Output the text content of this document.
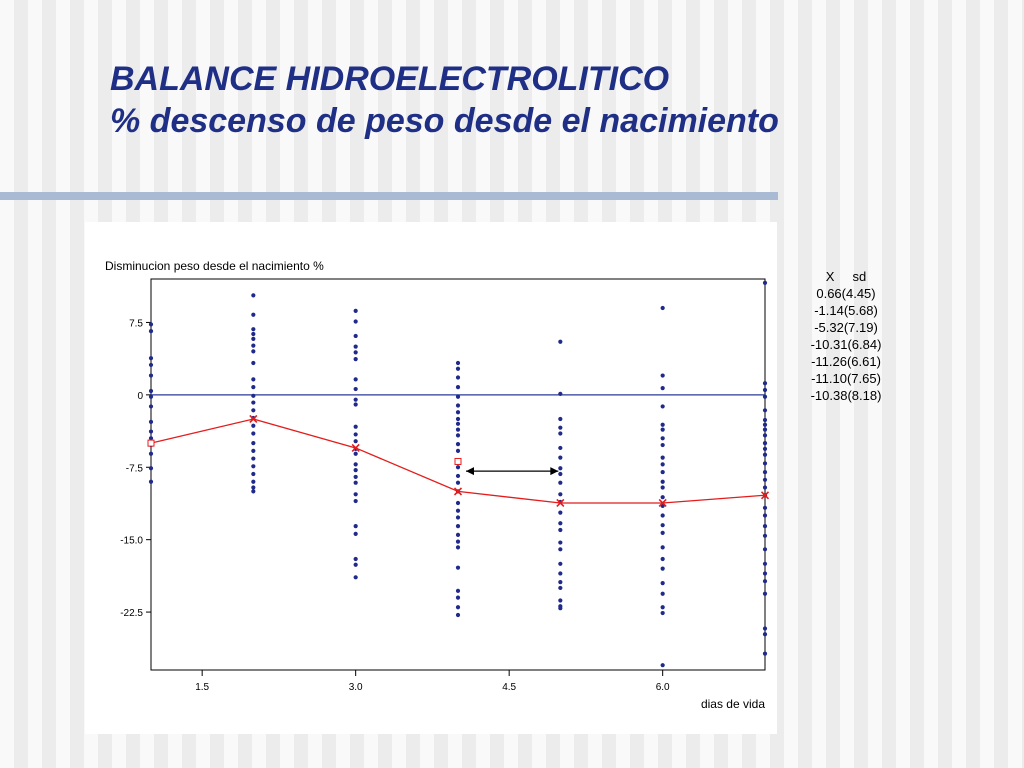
BALANCE HIDROELECTROLITICO
% descenso de peso desde el nacimiento
Disminucion peso desde el nacimiento %
dias de vida
7.5
0
-7.5
-15.0
-22.5
1.5	3.0	4.5	6.0
X     sd
0.66(4.45)
-1.14(5.68)
-5.32(7.19)
-10.31(6.84)
-11.26(6.61)
-11.10(7.65)
-10.38(8.18)
